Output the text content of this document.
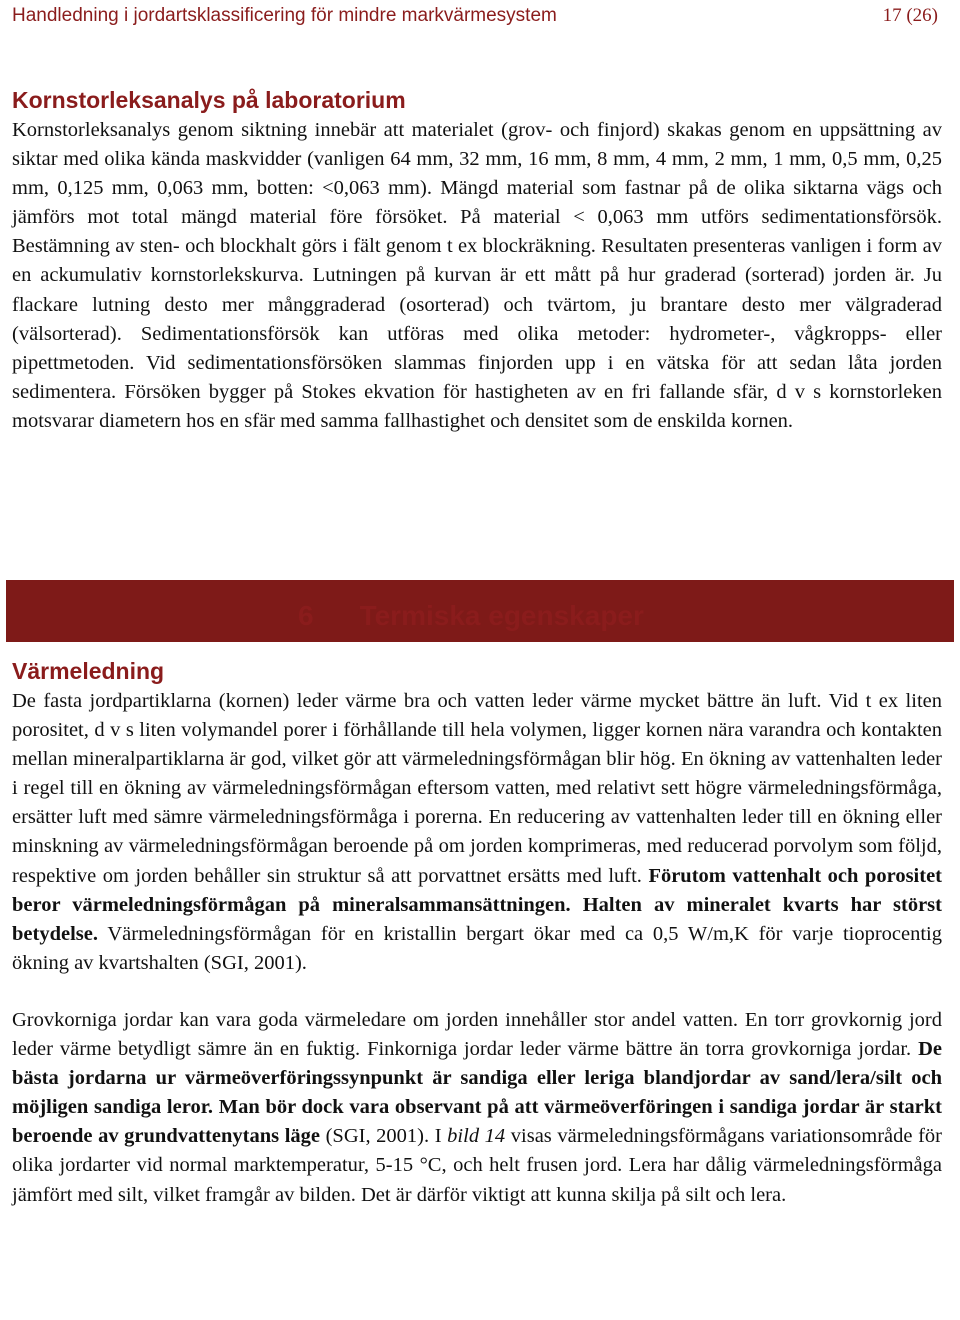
Handledning i jordartsklassificering för mindre markvärmesystem	17 (26)
Kornstorleksanalys på laboratorium

Kornstorleksanalys genom siktning innebär att materialet (grov- och finjord) skakas genom en uppsättning av siktar med olika kända maskvidder (vanligen 64 mm, 32 mm, 16 mm, 8 mm, 4 mm, 2 mm, 1 mm, 0,5 mm, 0,25 mm, 0,125 mm, 0,063 mm, botten: <0,063 mm). Mängd material som fastnar på de olika siktarna vägs och jämförs mot total mängd material före försöket. På material < 0,063 mm utförs sedimentationsförsök. Bestämning av sten- och blockhalt görs i fält genom t ex blockräkning. Resultaten presenteras vanligen i form av en ackumulativ kornstorlekskurva. Lutningen på kurvan är ett mått på hur graderad (sorterad) jorden är. Ju flackare lutning desto mer månggraderad (osorterad) och tvärtom, ju brantare desto mer välgraderad (välsorterad). Sedimentationsförsök kan utföras med olika metoder: hydrometer-, vågkropps- eller pipettmetoden. Vid sedimentationsförsöken slammas finjorden upp i en vätska för att sedan låta jorden sedimentera. Försöken bygger på Stokes ekvation för hastigheten av en fri fallande sfär, d v s kornstorleken motsvarar diametern hos en sfär med samma fallhastighet och densitet som de enskilda kornen.

6 Termiska egenskaper
Värmeledning

De fasta jordpartiklarna (kornen) leder värme bra och vatten leder värme mycket bättre än luft. Vid t ex liten porositet, d v s liten volymandel porer i förhållande till hela volymen, ligger kornen nära varandra och kontakten mellan mineralpartiklarna är god, vilket gör att värmeledningsförmågan blir hög. En ökning av vattenhalten leder i regel till en ökning av värmeledningsförmågan eftersom vatten, med relativt sett högre värmeledningsförmåga, ersätter luft med sämre värmeledningsförmåga i porerna. En reducering av vattenhalten leder till en ökning eller minskning av värmeledningsförmågan beroende på om jorden komprimeras, med reducerad porvolym som följd, respektive om jorden behåller sin struktur så att porvattnet ersätts med luft. Förutom vattenhalt och porositet beror värmeledningsförmågan på mineralsammansättningen. Halten av mineralet kvarts har störst betydelse. Värmeledningsförmågan för en kristallin bergart ökar med ca 0,5 W/m,K för varje tioprocentig ökning av kvartshalten (SGI, 2001).

Grovkorniga jordar kan vara goda värmeledare om jorden innehåller stor andel vatten. En torr grovkornig jord leder värme betydligt sämre än en fuktig. Finkorniga jordar leder värme bättre än torra grovkorniga jordar. De bästa jordarna ur värmeöverföringssynpunkt är sandiga eller leriga blandjordar av sand/lera/silt och möjligen sandiga leror. Man bör dock vara observant på att värmeöverföringen i sandiga jordar är starkt beroende av grundvattenytans läge (SGI, 2001). I bild 14 visas värmeledningsförmågans variationsområde för olika jordarter vid normal marktemperatur, 5-15 °C, och helt frusen jord. Lera har dålig värmeledningsförmåga jämfört med silt, vilket framgår av bilden. Det är därför viktigt att kunna skilja på silt och lera.
